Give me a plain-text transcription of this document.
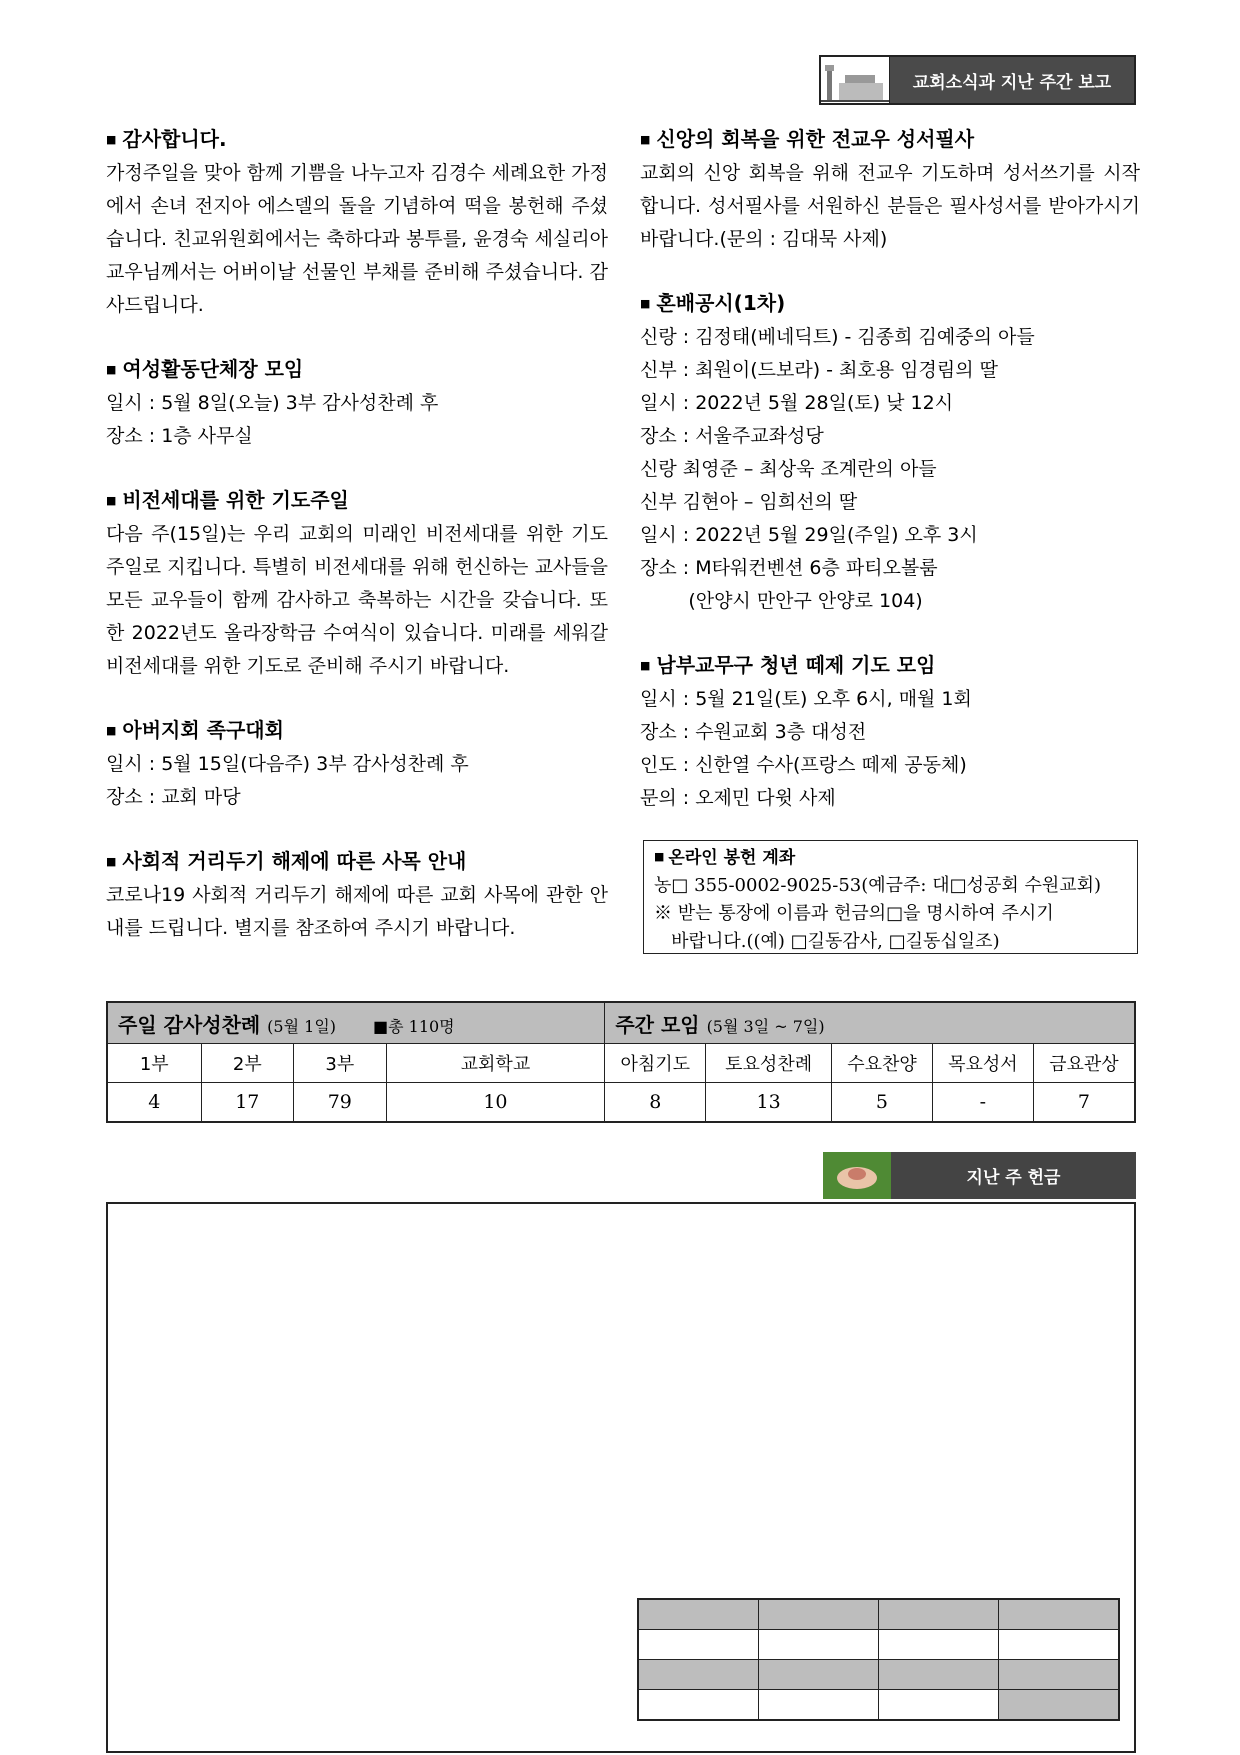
교회소식과 지난 주간 보고
■ 감사합니다.

가정주일을 맞아 함께 기쁨을 나누고자 김경수 세례요한 가정에서 손녀 전지아 에스델의 돌을 기념하여 떡을 봉헌해 주셨습니다. 친교위원회에서는 축하다과 봉투를, 윤경숙 세실리아 교우님께서는 어버이날 선물인 부채를 준비해 주셨습니다. 감사드립니다.

■ 여성활동단체장 모임
일시 : 5월 8일(오늘) 3부 감사성찬례 후
장소 : 1층 사무실
■ 비전세대를 위한 기도주일

다음 주(15일)는 우리 교회의 미래인 비전세대를 위한 기도주일로 지킵니다. 특별히 비전세대를 위해 헌신하는 교사들을 모든 교우들이 함께 감사하고 축복하는 시간을 갖습니다. 또한 2022년도 올라장학금 수여식이 있습니다. 미래를 세워갈 비전세대를 위한 기도로 준비해 주시기 바랍니다.

■ 아버지회 족구대회
일시 : 5월 15일(다음주) 3부 감사성찬례 후
장소 : 교회 마당
■ 사회적 거리두기 해제에 따른 사목 안내

코로나19 사회적 거리두기 해제에 따른 교회 사목에 관한 안내를 드립니다. 별지를 참조하여 주시기 바랍니다.

■ 신앙의 회복을 위한 전교우 성서필사

교회의 신앙 회복을 위해 전교우 기도하며 성서쓰기를 시작합니다. 성서필사를 서원하신 분들은 필사성서를 받아가시기 바랍니다.(문의 : 김대묵 사제)

■ 혼배공시(1차)
신랑 : 김정태(베네딕트) - 김종희 김예중의 아들
신부 : 최원이(드보라) - 최호용 임경림의 딸
일시 : 2022년 5월 28일(토) 낮 12시
장소 : 서울주교좌성당
신랑 최영준 – 최상욱 조계란의 아들
신부 김현아 – 임희선의 딸
일시 : 2022년 5월 29일(주일) 오후 3시
장소 : M타워컨벤션 6층 파티오볼룸
(안양시 만안구 안양로 104)
■ 남부교무구 청년 떼제 기도 모임
일시 : 5월 21일(토) 오후 6시, 매월 1회
장소 : 수원교회 3층 대성전
인도 : 신한열 수사(프랑스 떼제 공동체)
문의 : 오제민 다윗 사제
■ 온라인 봉헌 계좌
농□ 355-0002-9025-53(예금주: 대□성공회 수원교회)
※ 받는 통장에 이름과 헌금의□을 명시하여 주시기
바랍니다.((예) □길동감사, □길동십일조)
주일 감사성찬례 (5월 1일) ■총 110명				주간 모임 (5월 3일 ~ 7일)				
1부	2부	3부	교회학교	아침기도	토요성찬례	수요찬양	목요성서	금요관상
4	17	79	10	8	13	5	-	7
지난 주 헌금
